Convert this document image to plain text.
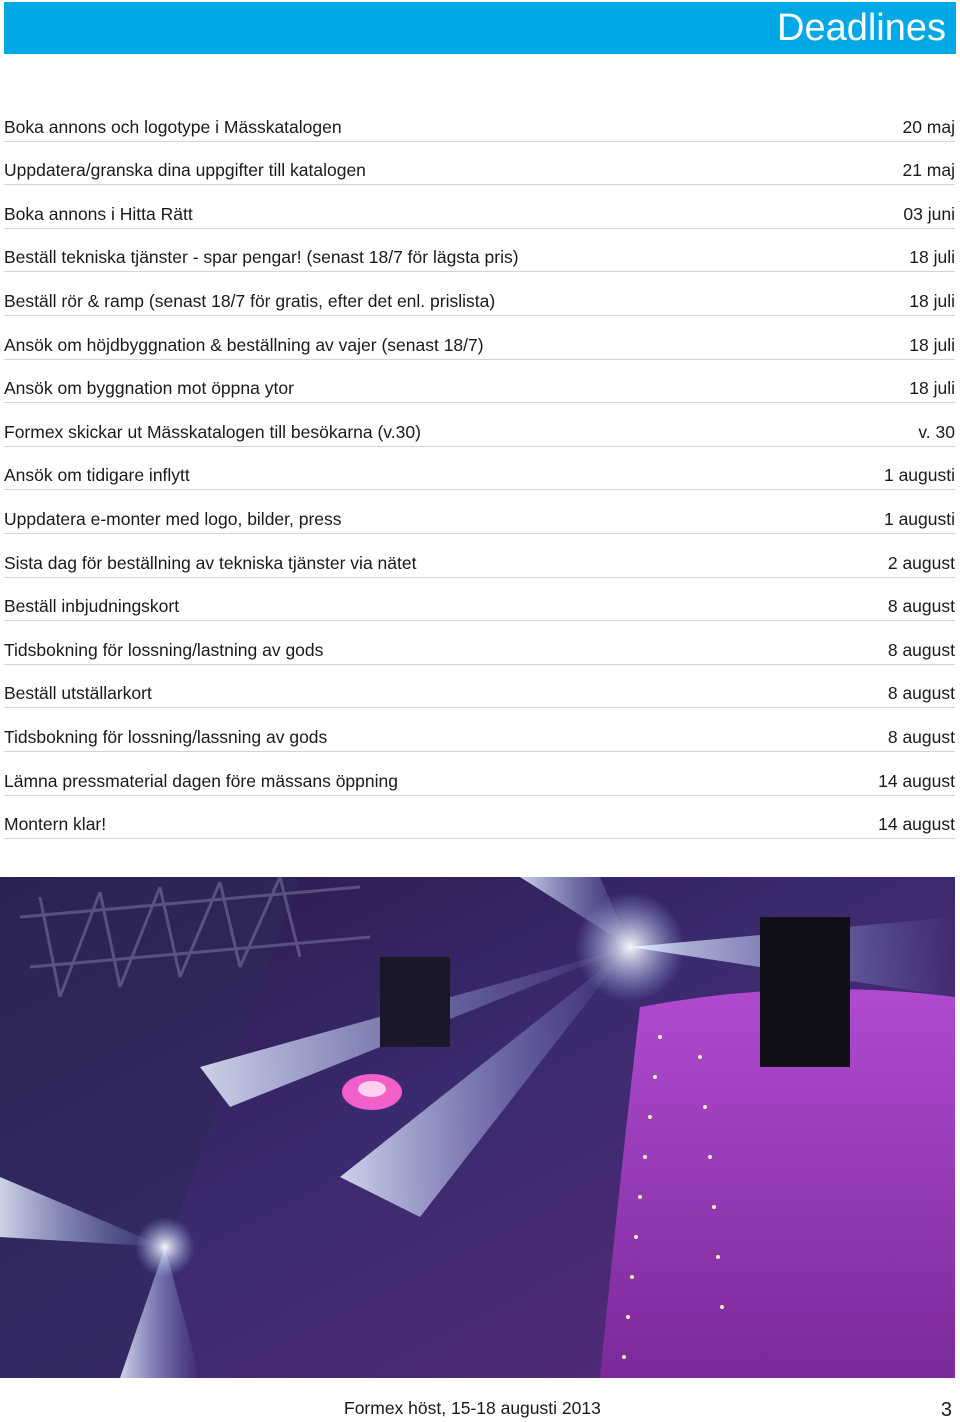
Deadlines
Boka annons och logotype i Mässkatalogen	20 maj
Uppdatera/granska dina uppgifter till katalogen	21 maj
Boka annons i Hitta Rätt	03 juni
Beställ tekniska tjänster - spar pengar! (senast 18/7 för lägsta pris)	18 juli
Beställ rör & ramp (senast 18/7 för gratis, efter det enl. prislista)	18 juli
Ansök om höjdbyggnation & beställning av vajer (senast 18/7)	18 juli
Ansök om byggnation mot öppna ytor	18 juli
Formex skickar ut Mässkatalogen till besökarna (v.30)	v. 30
Ansök om tidigare inflytt	1 augusti
Uppdatera e-monter med logo, bilder, press	1 augusti
Sista dag för beställning av tekniska tjänster via nätet	2 august
Beställ inbjudningskort	8 august
Tidsbokning för lossning/lastning av gods	8 august
Beställ utställarkort	8 august
Tidsbokning för lossning/lassning av gods	8 august
Lämna pressmaterial dagen före mässans öppning	14 august
Montern klar!	14 august
Formex höst, 15-18 augusti 2013	3
